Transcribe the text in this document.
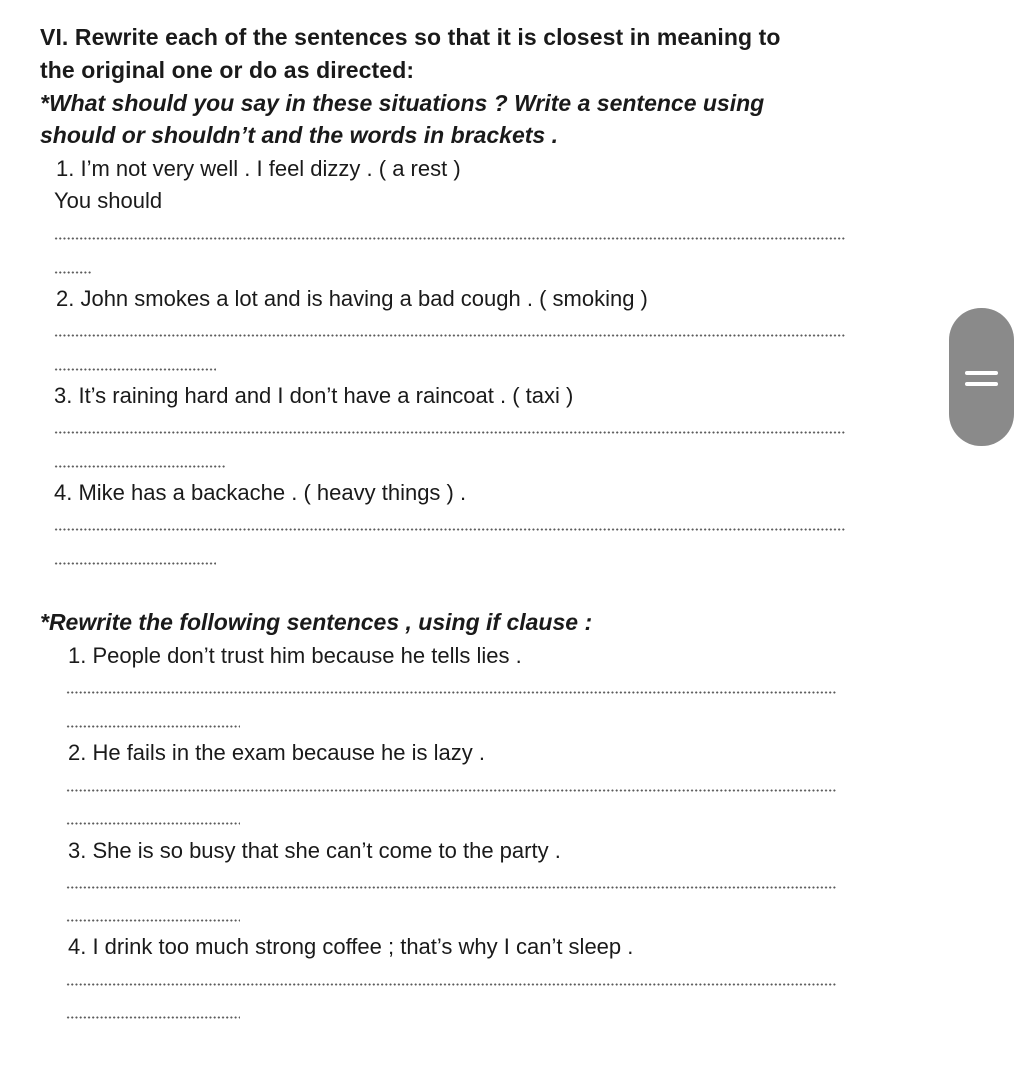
VI. Rewrite each of the sentences so that it is closest in meaning to
the original one or do as directed:
*What should you say in these situations ? Write a sentence using
should or shouldn’t and the words in brackets .
1. I’m not very well . I feel dizzy . ( a rest )
You should
2. John smokes a lot and is having a bad cough . ( smoking )
3. It’s raining hard and I don’t have a raincoat . ( taxi )
4. Mike has a backache . ( heavy things ) .
*Rewrite the following sentences , using if clause :
1. People don’t trust him because he tells lies .
2. He fails in the exam because he is lazy .
3. She is so busy that she can’t come to the party .
4. I drink too much strong coffee ; that’s why I can’t sleep .
